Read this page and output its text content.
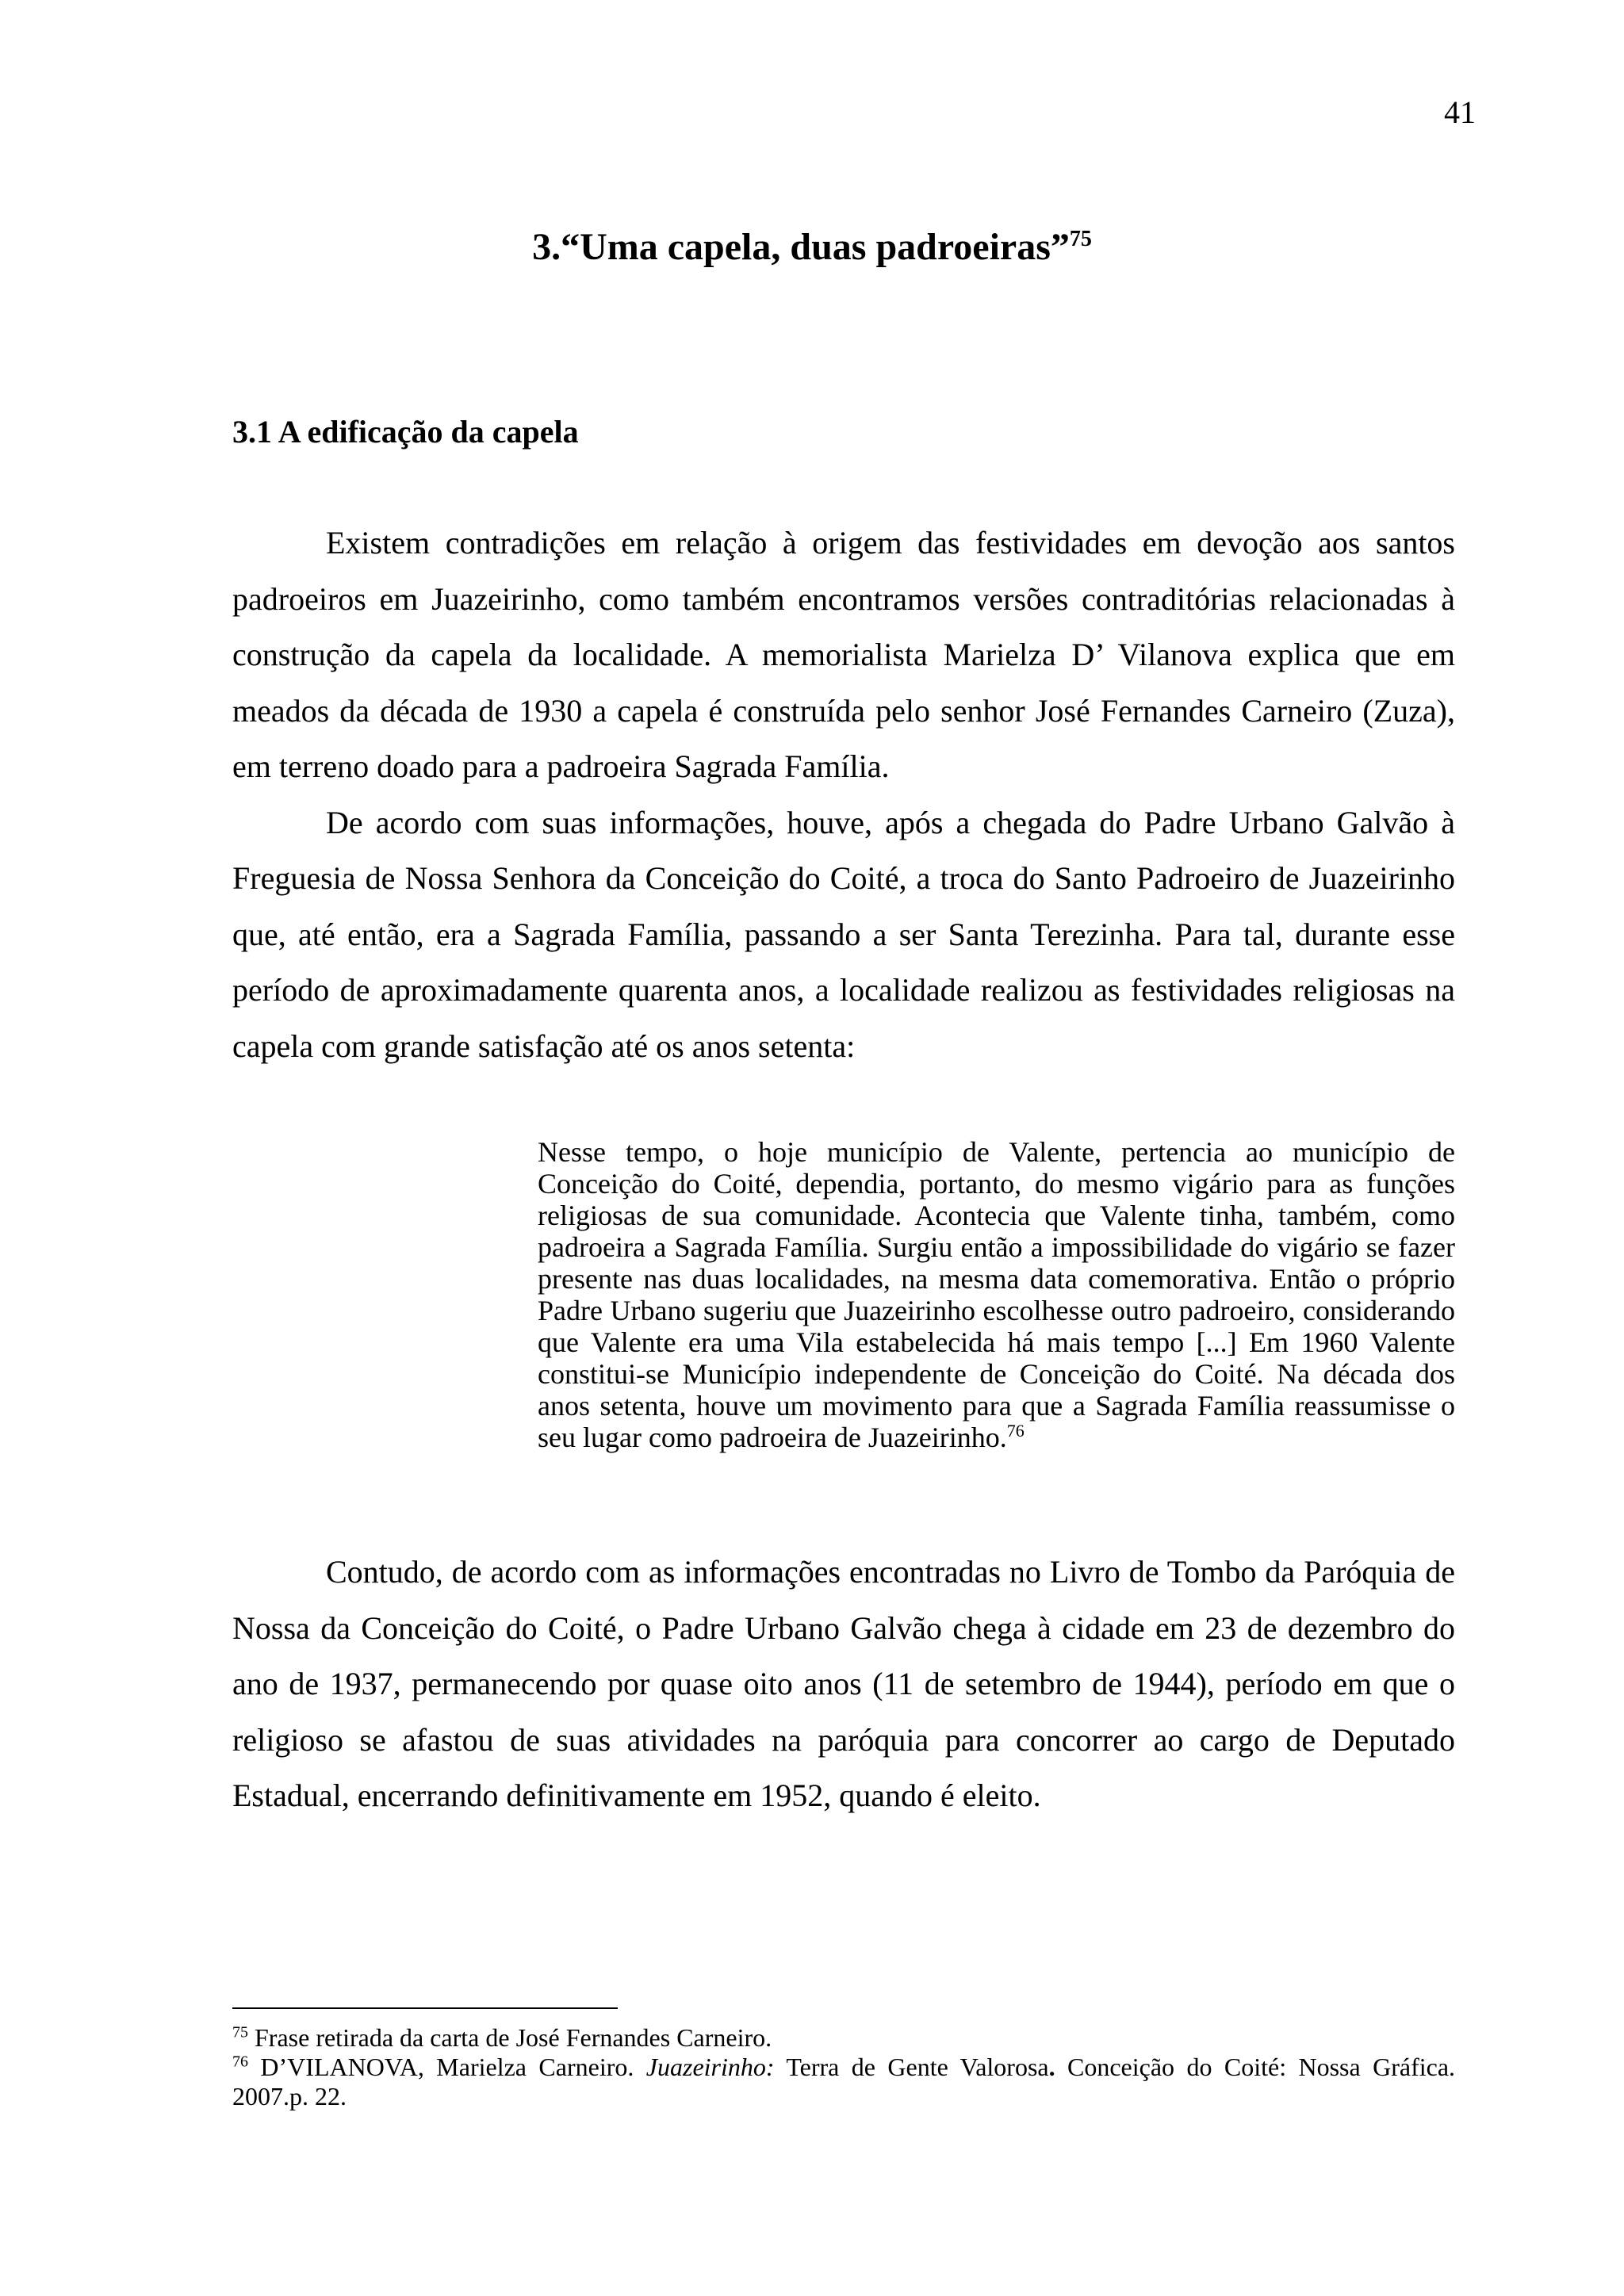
41
3.“Uma capela, duas padroeiras”$^{75}$
3.1 A edificação da capela

Existem contradições em relação à origem das festividades em devoção aos santos padroeiros em Juazeirinho, como também encontramos versões contraditórias relacionadas à construção da capela da localidade. A memorialista Marielza D’ Vilanova explica que em meados da década de 1930 a capela é construída pelo senhor José Fernandes Carneiro (Zuza), em terreno doado para a padroeira Sagrada Família.

De acordo com suas informações, houve, após a chegada do Padre Urbano Galvão à Freguesia de Nossa Senhora da Conceição do Coité, a troca do Santo Padroeiro de Juazeirinho que, até então, era a Sagrada Família, passando a ser Santa Terezinha. Para tal, durante esse período de aproximadamente quarenta anos, a localidade realizou as festividades religiosas na capela com grande satisfação até os anos setenta:

Nesse tempo, o hoje município de Valente, pertencia ao município de Conceição do Coité, dependia, portanto, do mesmo vigário para as funções religiosas de sua comunidade. Acontecia que Valente tinha, também, como padroeira a Sagrada Família. Surgiu então a impossibilidade do vigário se fazer presente nas duas localidades, na mesma data comemorativa. Então o próprio Padre Urbano sugeriu que Juazeirinho escolhesse outro padroeiro, considerando que Valente era uma Vila estabelecida há mais tempo [...] Em 1960 Valente constitui-se Município independente de Conceição do Coité. Na década dos anos setenta, houve um movimento para que a Sagrada Família reassumisse o seu lugar como padroeira de Juazeirinho.$^{76}$

Contudo, de acordo com as informações encontradas no Livro de Tombo da Paróquia de Nossa da Conceição do Coité, o Padre Urbano Galvão chega à cidade em 23 de dezembro do ano de 1937, permanecendo por quase oito anos (11 de setembro de 1944), período em que o religioso se afastou de suas atividades na paróquia para concorrer ao cargo de Deputado Estadual, encerrando definitivamente em 1952, quando é eleito.

$^{75}$ Frase retirada da carta de José Fernandes Carneiro.

$^{76}$ D’VILANOVA, Marielza Carneiro. Juazeirinho: Terra de Gente Valorosa. Conceição do Coité: Nossa Gráfica. 2007.p. 22.
